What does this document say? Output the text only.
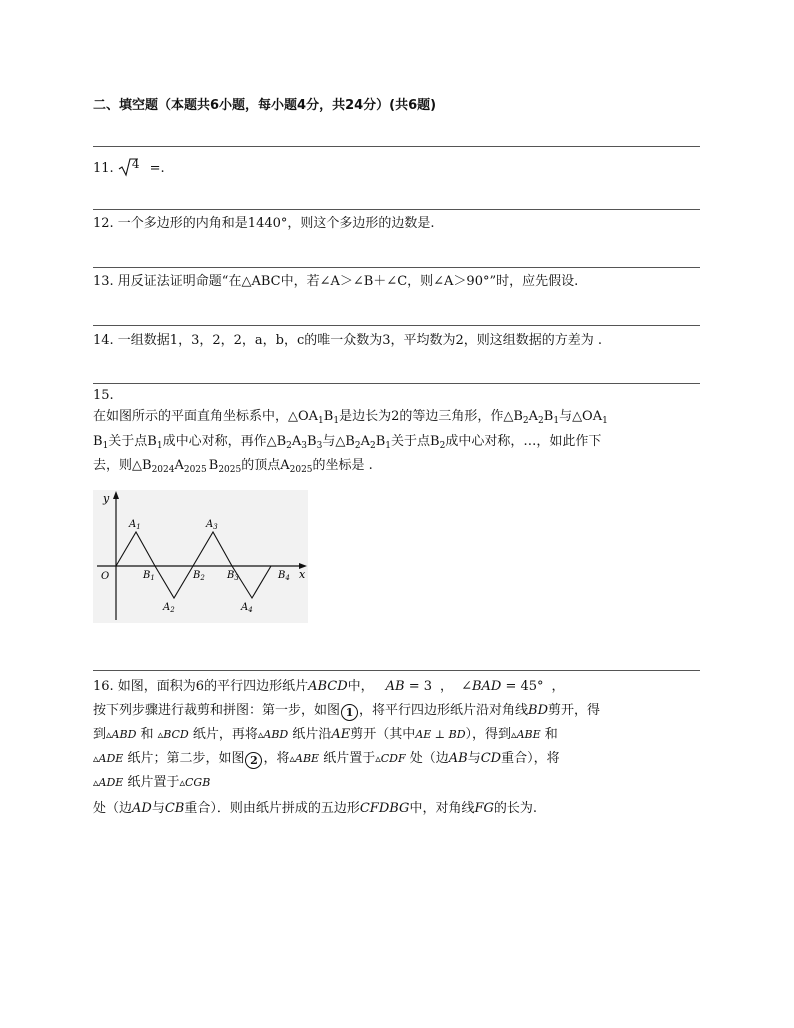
二、填空题（本题共6小题，每小题4分，共24分）(共6题)
11. 4 =.
12. 一个多边形的内角和是1440°，则这个多边形的边数是.
13. 用反证法证明命题“在△ABC中，若∠A＞∠B＋∠C，则∠A＞90°”时，应先假设.
14. 一组数据1，3，2，2，a，b，c的唯一众数为3，平均数为2，则这组数据的方差为 .
15.
在如图所示的平面直角坐标系中，$\triangle OA_1B_1$是边长为2的等边三角形，作$\triangle B_2A_2B_1$与$\triangle OA_1$
$B_1$关于点$B_1$成中心对称，再作$\triangle B_2A_3B_3$与$\triangle B_2A_2B_1$关于点$B_2$成中心对称，…，如此作下
去，则$\triangle B_{2024}A_{2025}$ $B_{2025}$的顶点$A_{2025}$的坐标是 .
y
x
O
$A_1$	$A_3$
$A_2$	$A_4$
$B_1$	$B_2$ $B_3$	$B_4$
16. 如图，面积为6的平行四边形纸片ABCD中， AB = 3 ， ∠BAD = 45° ，
按下列步骤进行裁剪和拼图：第一步，如图 1 ，将平行四边形纸片沿对角线BD剪开，得
到▵ABD 和 ▵BCD 纸片，再将▵ABD 纸片沿AE剪开（其中AE ⊥ BD），得到▵ABE 和
▵ADE 纸片；第二步，如图 2 ，将▵ABE 纸片置于▵CDF 处（边AB与CD重合），将
▵ADE 纸片置于▵CGB
处（边AD与CB重合）．则由纸片拼成的五边形CFDBG中，对角线FG的长为.
